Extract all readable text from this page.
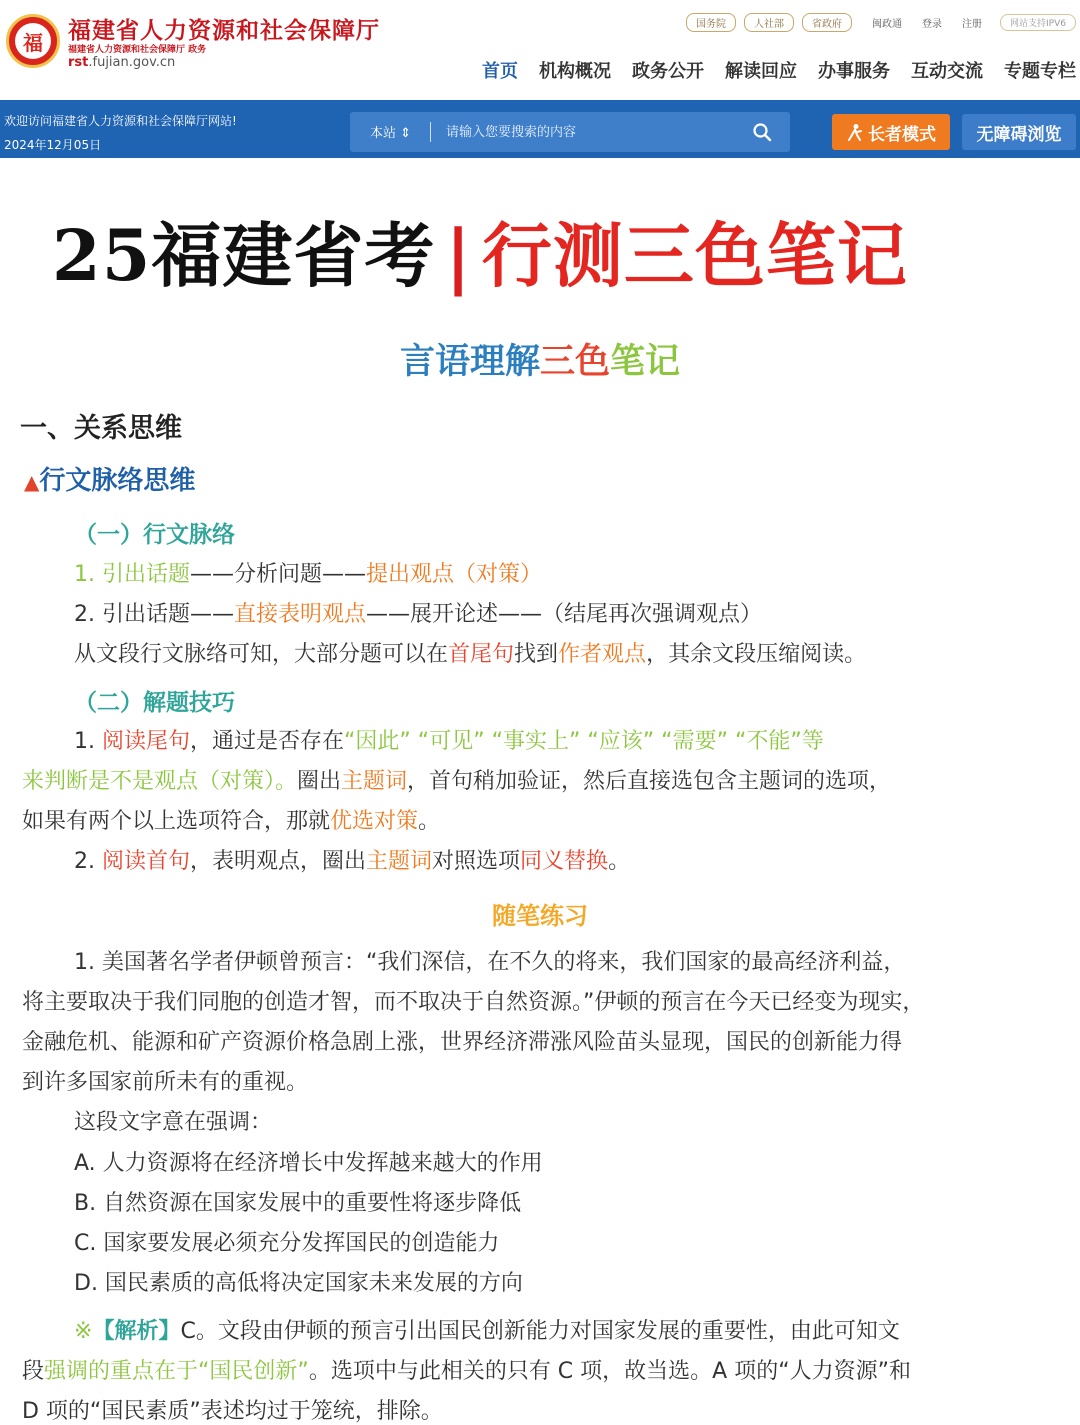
福	福建省人力资源和社会保障厅
福建省人力资源和社会保障厅 政务
rst.fujian.gov.cn
国务院	人社部	省政府	闽政通 登录 注册	网站支持IPV6
首页 机构概况 政务公开 解读回应 办事服务 互动交流 专题专栏
欢迎访问福建省人力资源和社会保障厅网站!
2024年12月05日
本站 ⇕
请输入您要搜索的内容	长者模式	无障碍浏览
25福建省考 | 行测三色笔记
言语理解三色笔记
一、关系思维
▲行文脉络思维
（一）行文脉络
1. 引出话题——分析问题——提出观点（对策）
2. 引出话题——直接表明观点——展开论述——（结尾再次强调观点）
从文段行文脉络可知，大部分题可以在首尾句找到作者观点，其余文段压缩阅读。
（二）解题技巧
1. 阅读尾句，通过是否存在“因此” “可见” “事实上” “应该” “需要” “不能”等
来判断是不是观点（对策）。圈出主题词，首句稍加验证，然后直接选包含主题词的选项，
如果有两个以上选项符合，那就优选对策。
2. 阅读首句，表明观点，圈出主题词对照选项同义替换。
随笔练习
1. 美国著名学者伊顿曾预言：“我们深信，在不久的将来，我们国家的最高经济利益，
将主要取决于我们同胞的创造才智，而不取决于自然资源。”伊顿的预言在今天已经变为现实，
金融危机、能源和矿产资源价格急剧上涨，世界经济滞涨风险苗头显现，国民的创新能力得
到许多国家前所未有的重视。
这段文字意在强调：
A. 人力资源将在经济增长中发挥越来越大的作用
B. 自然资源在国家发展中的重要性将逐步降低
C. 国家要发展必须充分发挥国民的创造能力
D. 国民素质的高低将决定国家未来发展的方向
※【解析】C。文段由伊顿的预言引出国民创新能力对国家发展的重要性，由此可知文
段强调的重点在于“国民创新”。选项中与此相关的只有 C 项，故当选。A 项的“人力资源”和
D 项的“国民素质”表述均过于笼统，排除。
